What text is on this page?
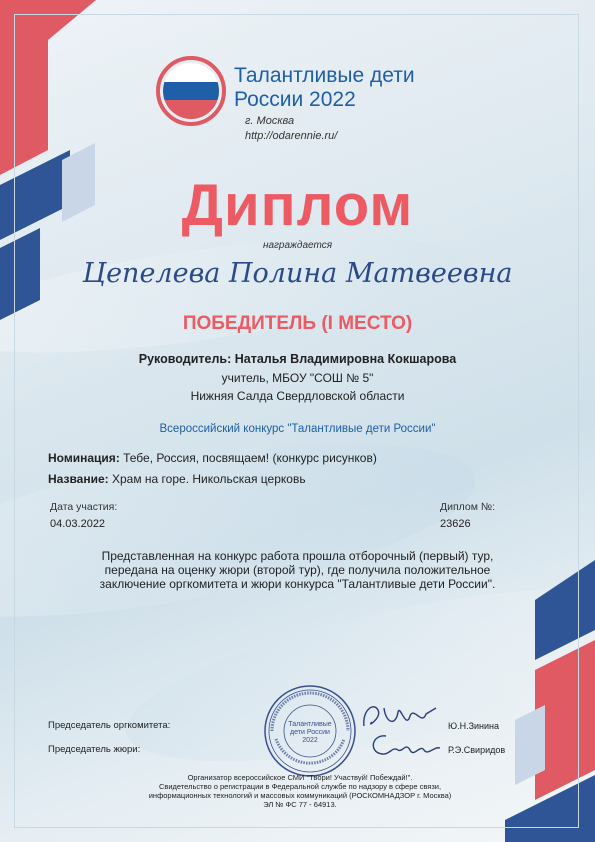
Талантливые дети
России 2022
г. Москва
http://odarennie.ru/
Диплом
награждается
Цепелева Полина Матвеевна
ПОБЕДИТЕЛЬ (I МЕСТО)
Руководитель: Наталья Владимировна Кокшарова
учитель, МБОУ "СОШ № 5"
Нижняя Салда Свердловской области
Всероссийский конкурс "Талантливые дети России"
Номинация: Тебе, Россия, посвящаем! (конкурс рисунков)
Название: Храм на горе. Никольская церковь
Дата участия:
04.03.2022
Диплом №:
23626
Представленная на конкурс работа прошла отборочный (первый) тур,
передана на оценку жюри (второй тур), где получила положительное
заключение оргкомитета и жюри конкурса "Талантливые дети России".
Талантливые
дети России
2022
Председатель оргкомитета:
Председатель жюри:
Ю.Н.Зинина
Р.Э.Свиридов
Организатор всероссийское СМИ "Твори! Участвуй! Побеждай!".
Свидетельство о регистрации в Федеральной службе по надзору в сфере связи,
информационных технологий и массовых коммуникаций (РОСКОМНАДЗОР г. Москва)
ЭЛ № ФС 77 - 64913.
